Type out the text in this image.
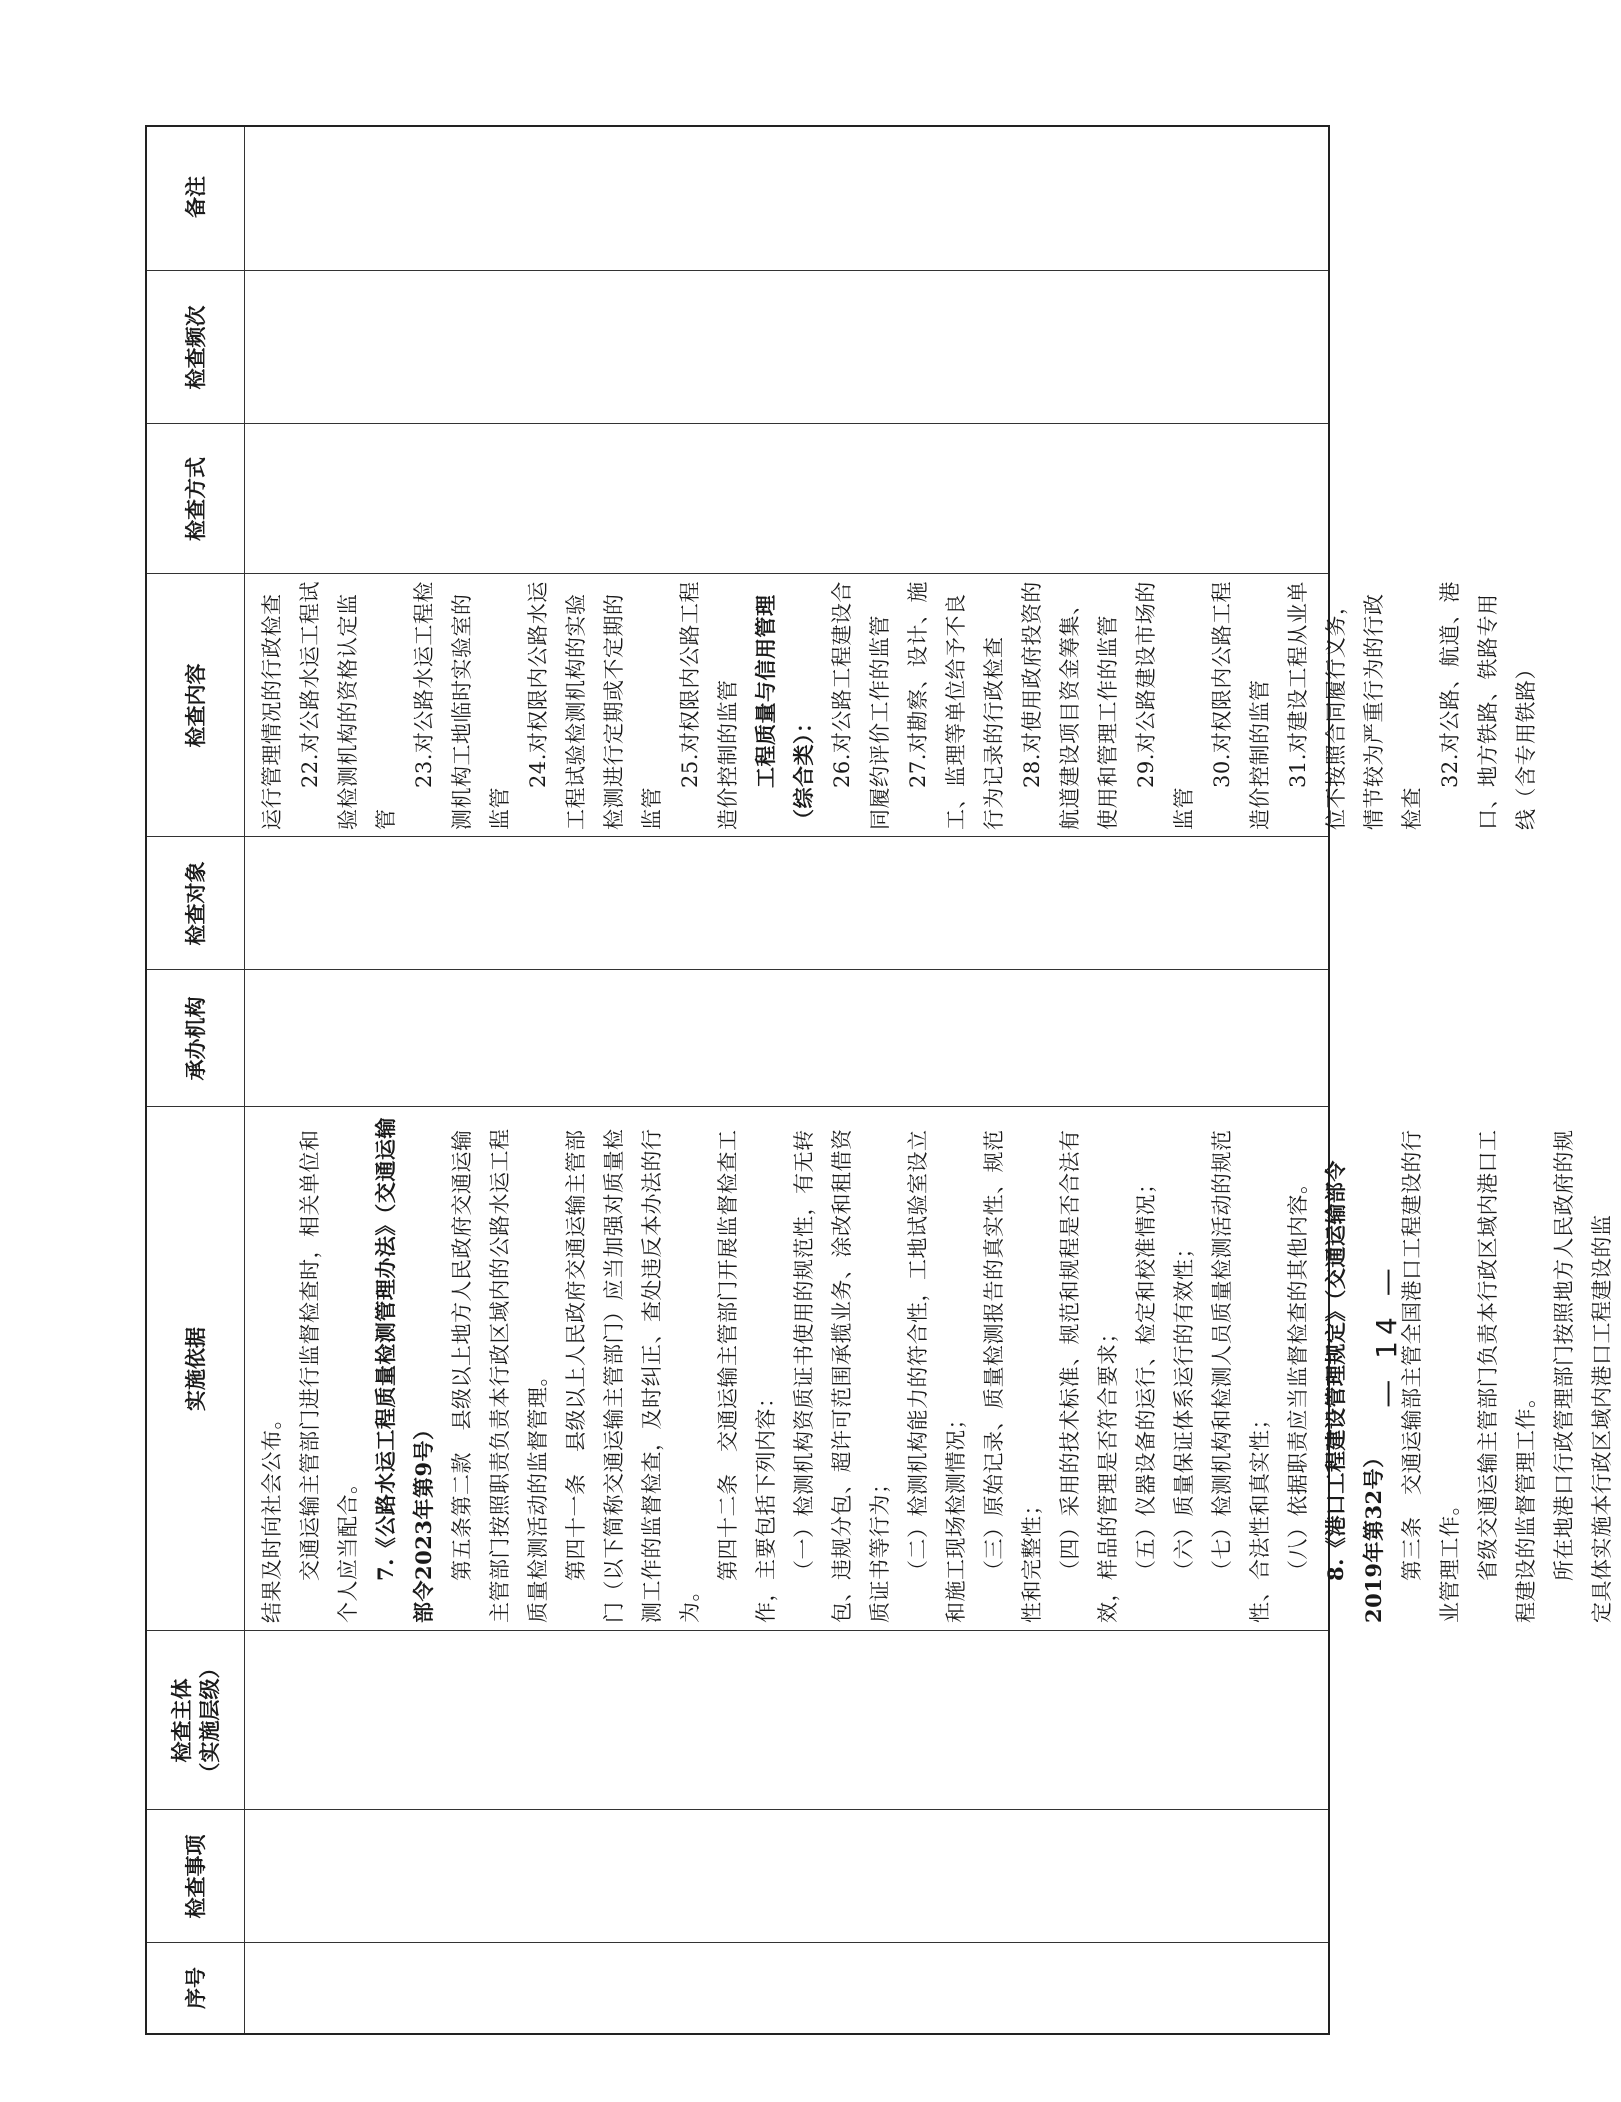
序号
检查事项
检查主体 （实施层级）
实施依据
承办机构
检查对象
检查内容
检查方式
检查频次
备注

结果及时向社会公布。 交通运输主管部门进行监督检查时，相关单位和个人应当配合。 7.《公路水运工程质量检测管理办法》（交通运输部令2023年第9号） 第五条第二款　县级以上地方人民政府交通运输主管部门按照职责负责本行政区域内的公路水运工程质量检测活动的监督管理。 第四十一条　县级以上人民政府交通运输主管部门（以下简称交通运输主管部门）应当加强对质量检测工作的监督检查，及时纠正、查处违反本办法的行为。

第四十二条　交通运输主管部门开展监督检查工作，主要包括下列内容： （一）检测机构资质证书使用的规范性，有无转包、违规分包、超许可范围承揽业务、涂改和租借资质证书等行为； （二）检测机构能力的符合性，工地试验室设立和施工现场检测情况； （三）原始记录、质量检测报告的真实性、规范性和完整性； （四）采用的技术标准、规范和规程是否合法有效，样品的管理是否符合要求； （五）仪器设备的运行、检定和校准情况； （六）质量保证体系运行的有效性； （七）检测机构和检测人员质量检测活动的规范性、合法性和真实性； （八）依据职责应当监督检查的其他内容。 8.《港口工程建设管理规定》（交通运输部令2019年第32号） 第三条　交通运输部主管全国港口工程建设的行业管理工作。 省级交通运输主管部门负责本行政区域内港口工程建设的监督管理工作。 所在地港口行政管理部门按照地方人民政府的规定具体实施本行政区域内港口工程建设的监

运行管理情况的行政检查 22.对公路水运工程试验检测机构的资格认定监管

23.对公路水运工程检测机构工地临时实验室的监管

24.对权限内公路水运工程试验检测机构的实验检测进行定期或不定期的监管

25.对权限内公路工程造价控制的监管 工程质量与信用管理（综合类）： 26.对公路工程建设合同履约评价工作的监管 27.对勘察、设计、施工、监理等单位给予不良行为记录的行政检查 28.对使用政府投资的航道建设项目资金筹集、使用和管理工作的监管 29.对公路建设市场的监管

30.对权限内公路工程造价控制的监管 31.对建设工程从业单位不按照合同履行义务，情节较为严重行为的行政检查

32.对公路、航道、港口、地方铁路、铁路专用线（含专用铁路）

— 14 —
